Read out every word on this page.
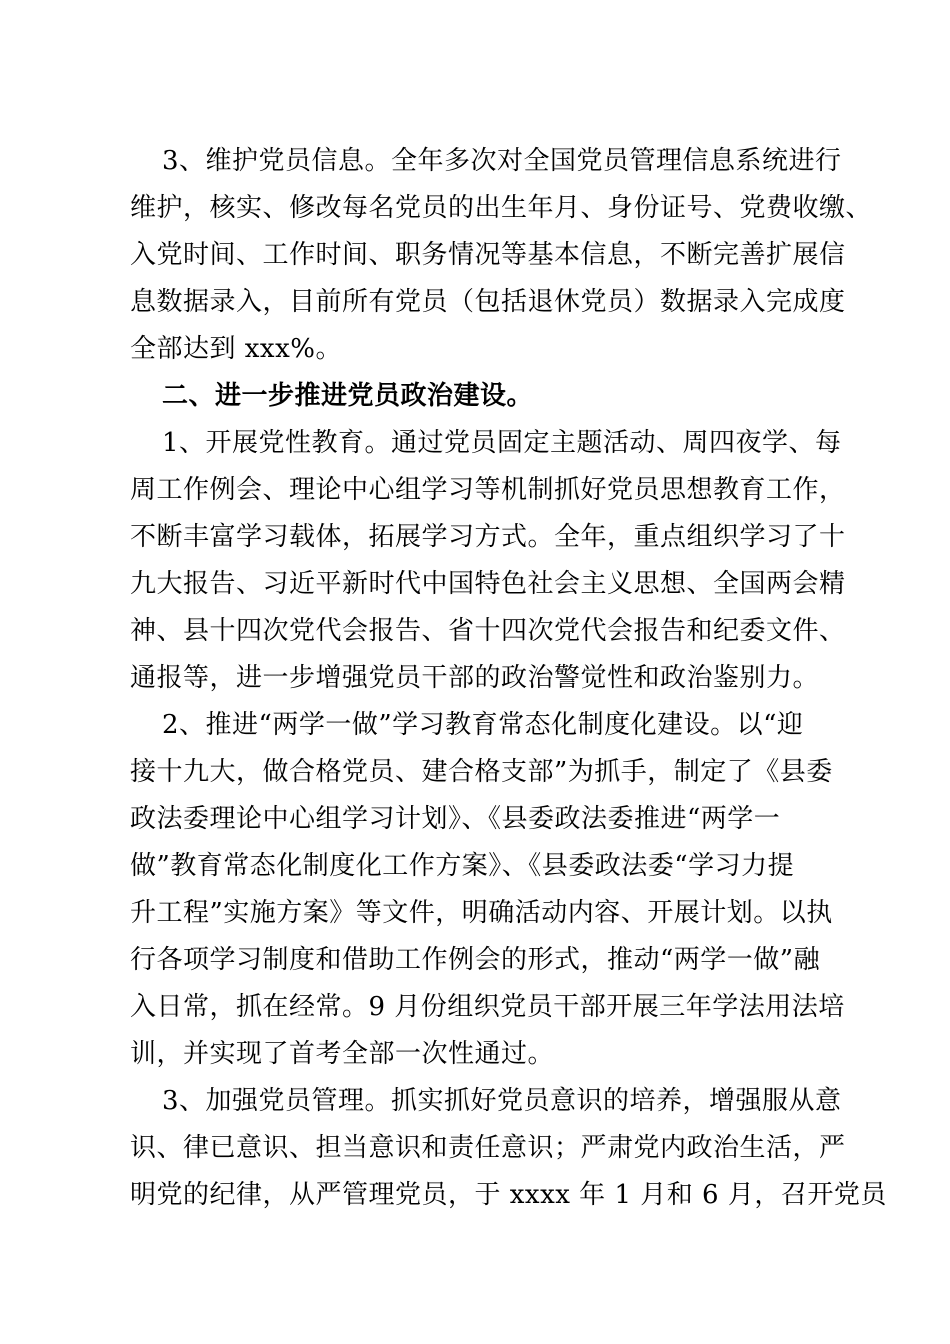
3、维护党员信息。全年多次对全国党员管理信息系统进行
维护，核实、修改每名党员的出生年月、身份证号、党费收缴、
入党时间、工作时间、职务情况等基本信息，不断完善扩展信
息数据录入，目前所有党员（包括退休党员）数据录入完成度
全部达到 xxx%。
二、进一步推进党员政治建设。
1、开展党性教育。通过党员固定主题活动、周四夜学、每
周工作例会、理论中心组学习等机制抓好党员思想教育工作，
不断丰富学习载体，拓展学习方式。全年，重点组织学习了十
九大报告、习近平新时代中国特色社会主义思想、全国两会精
神、县十四次党代会报告、省十四次党代会报告和纪委文件、
通报等，进一步增强党员干部的政治警觉性和政治鉴别力。
2、推进“两学一做”学习教育常态化制度化建设。以“迎
接十九大，做合格党员、建合格支部”为抓手，制定了《县委
政法委理论中心组学习计划》、《县委政法委推进“两学一
做”教育常态化制度化工作方案》、《县委政法委“学习力提
升工程”实施方案》等文件，明确活动内容、开展计划。以执
行各项学习制度和借助工作例会的形式，推动“两学一做”融
入日常，抓在经常。9 月份组织党员干部开展三年学法用法培
训，并实现了首考全部一次性通过。
3、加强党员管理。抓实抓好党员意识的培养，增强服从意
识、律已意识、担当意识和责任意识；严肃党内政治生活，严
明党的纪律，从严管理党员，于 xxxx 年 1 月和 6 月，召开党员
